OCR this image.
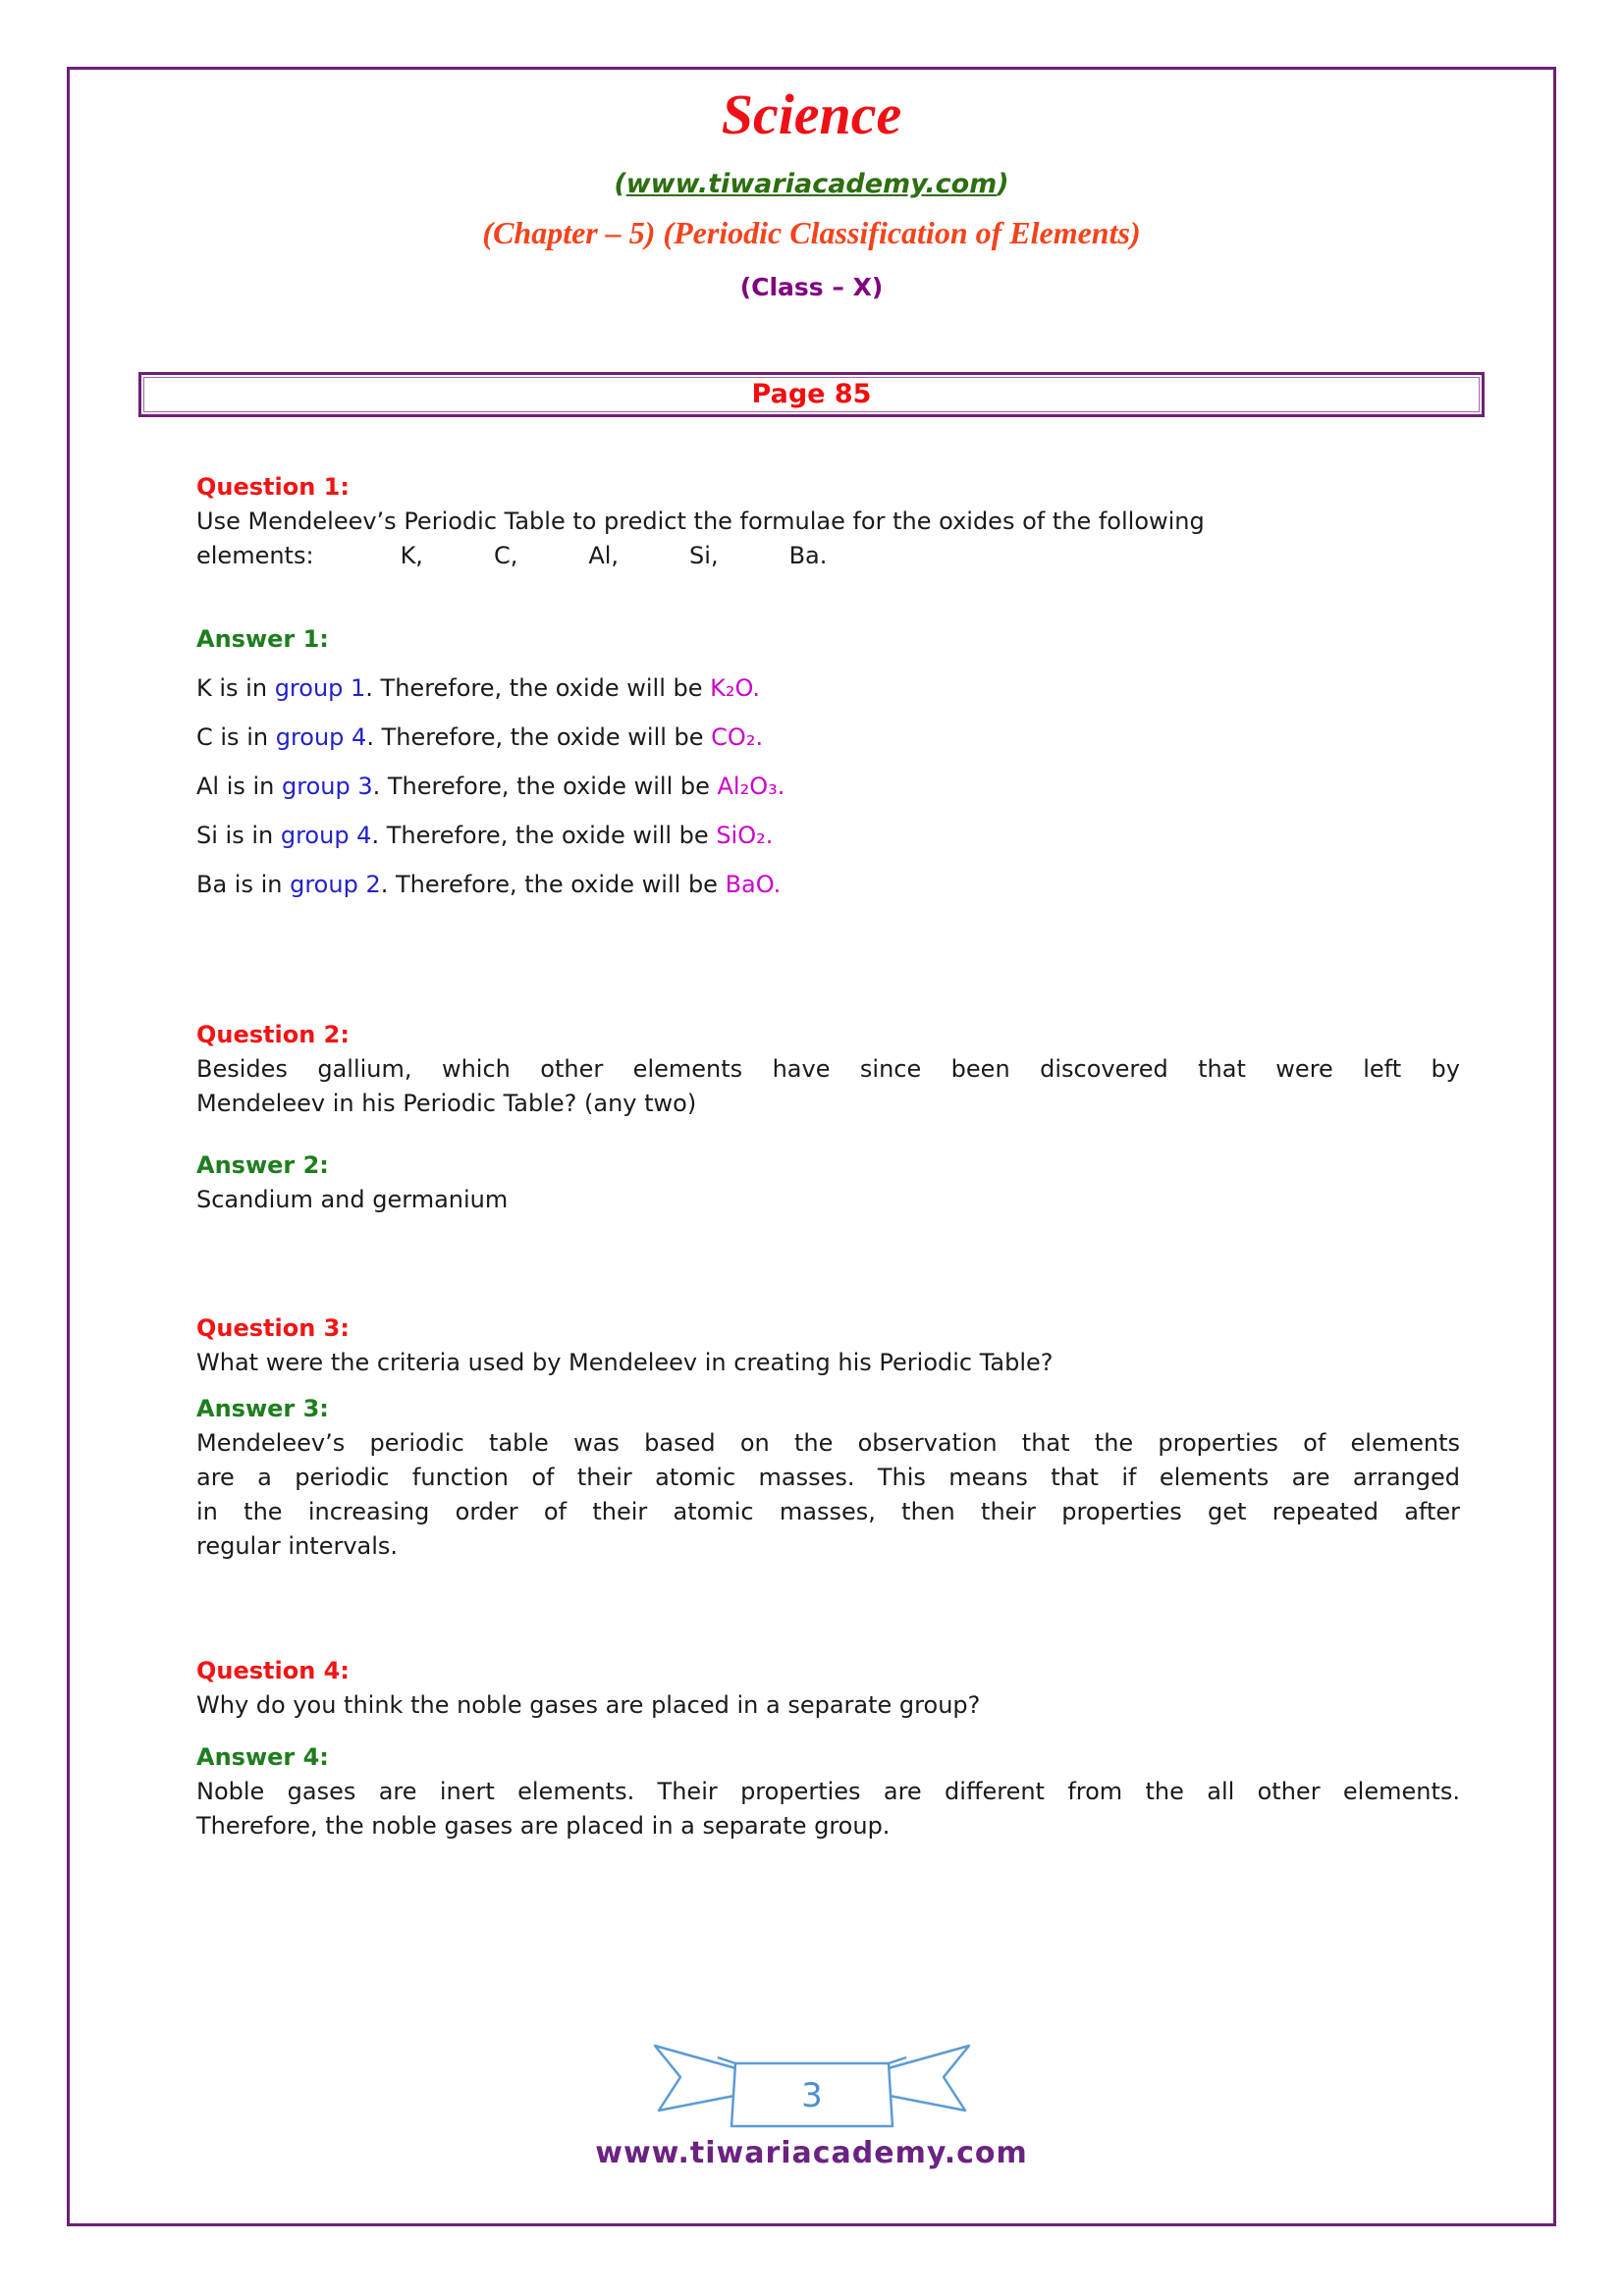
Science
(www.tiwariacademy.com)
(Chapter – 5) (Periodic Classification of Elements)
(Class – X)
Page 85
Question 1:
Use Mendeleev’s Periodic Table to predict the formulae for the oxides of the following
elements:	K,	C,	Al,	Si,	Ba.
Answer 1:
K is in group 1. Therefore, the oxide will be K₂O.
C is in group 4. Therefore, the oxide will be CO₂.
Al is in group 3. Therefore, the oxide will be Al₂O₃.
Si is in group 4. Therefore, the oxide will be SiO₂.
Ba is in group 2. Therefore, the oxide will be BaO.
Question 2:
Besides gallium, which other elements have since been discovered that were left by
Mendeleev in his Periodic Table? (any two)
Answer 2:
Scandium and germanium
Question 3:
What were the criteria used by Mendeleev in creating his Periodic Table?
Answer 3:
Mendeleev’s periodic table was based on the observation that the properties of elements
are a periodic function of their atomic masses. This means that if elements are arranged
in the increasing order of their atomic masses, then their properties get repeated after
regular intervals.
Question 4:
Why do you think the noble gases are placed in a separate group?
Answer 4:
Noble gases are inert elements. Their properties are different from the all other elements.
Therefore, the noble gases are placed in a separate group.
3
www.tiwariacademy.com
